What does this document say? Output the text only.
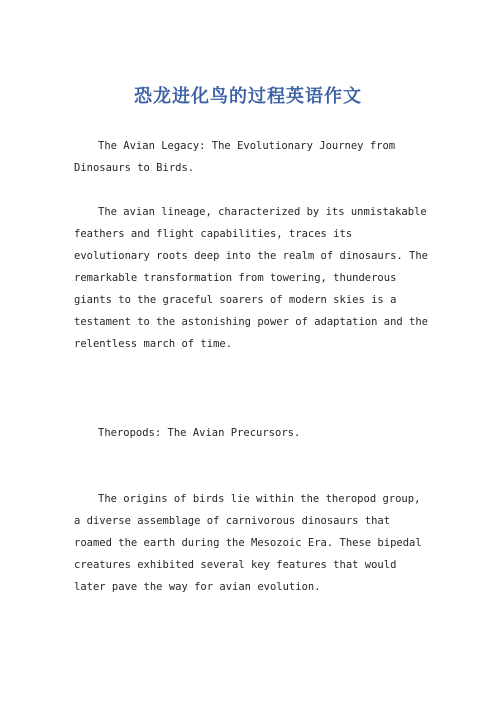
恐龙进化鸟的过程英语作文

The Avian Legacy: The Evolutionary Journey from Dinosaurs to Birds.

The avian lineage, characterized by its unmistakable feathers and flight capabilities, traces its evolutionary roots deep into the realm of dinosaurs. The remarkable transformation from towering, thunderous giants to the graceful soarers of modern skies is a testament to the astonishing power of adaptation and the relentless march of time.

Theropods: The Avian Precursors.

The origins of birds lie within the theropod group, a diverse assemblage of carnivorous dinosaurs that roamed the earth during the Mesozoic Era. These bipedal creatures exhibited several key features that would later pave the way for avian evolution.
